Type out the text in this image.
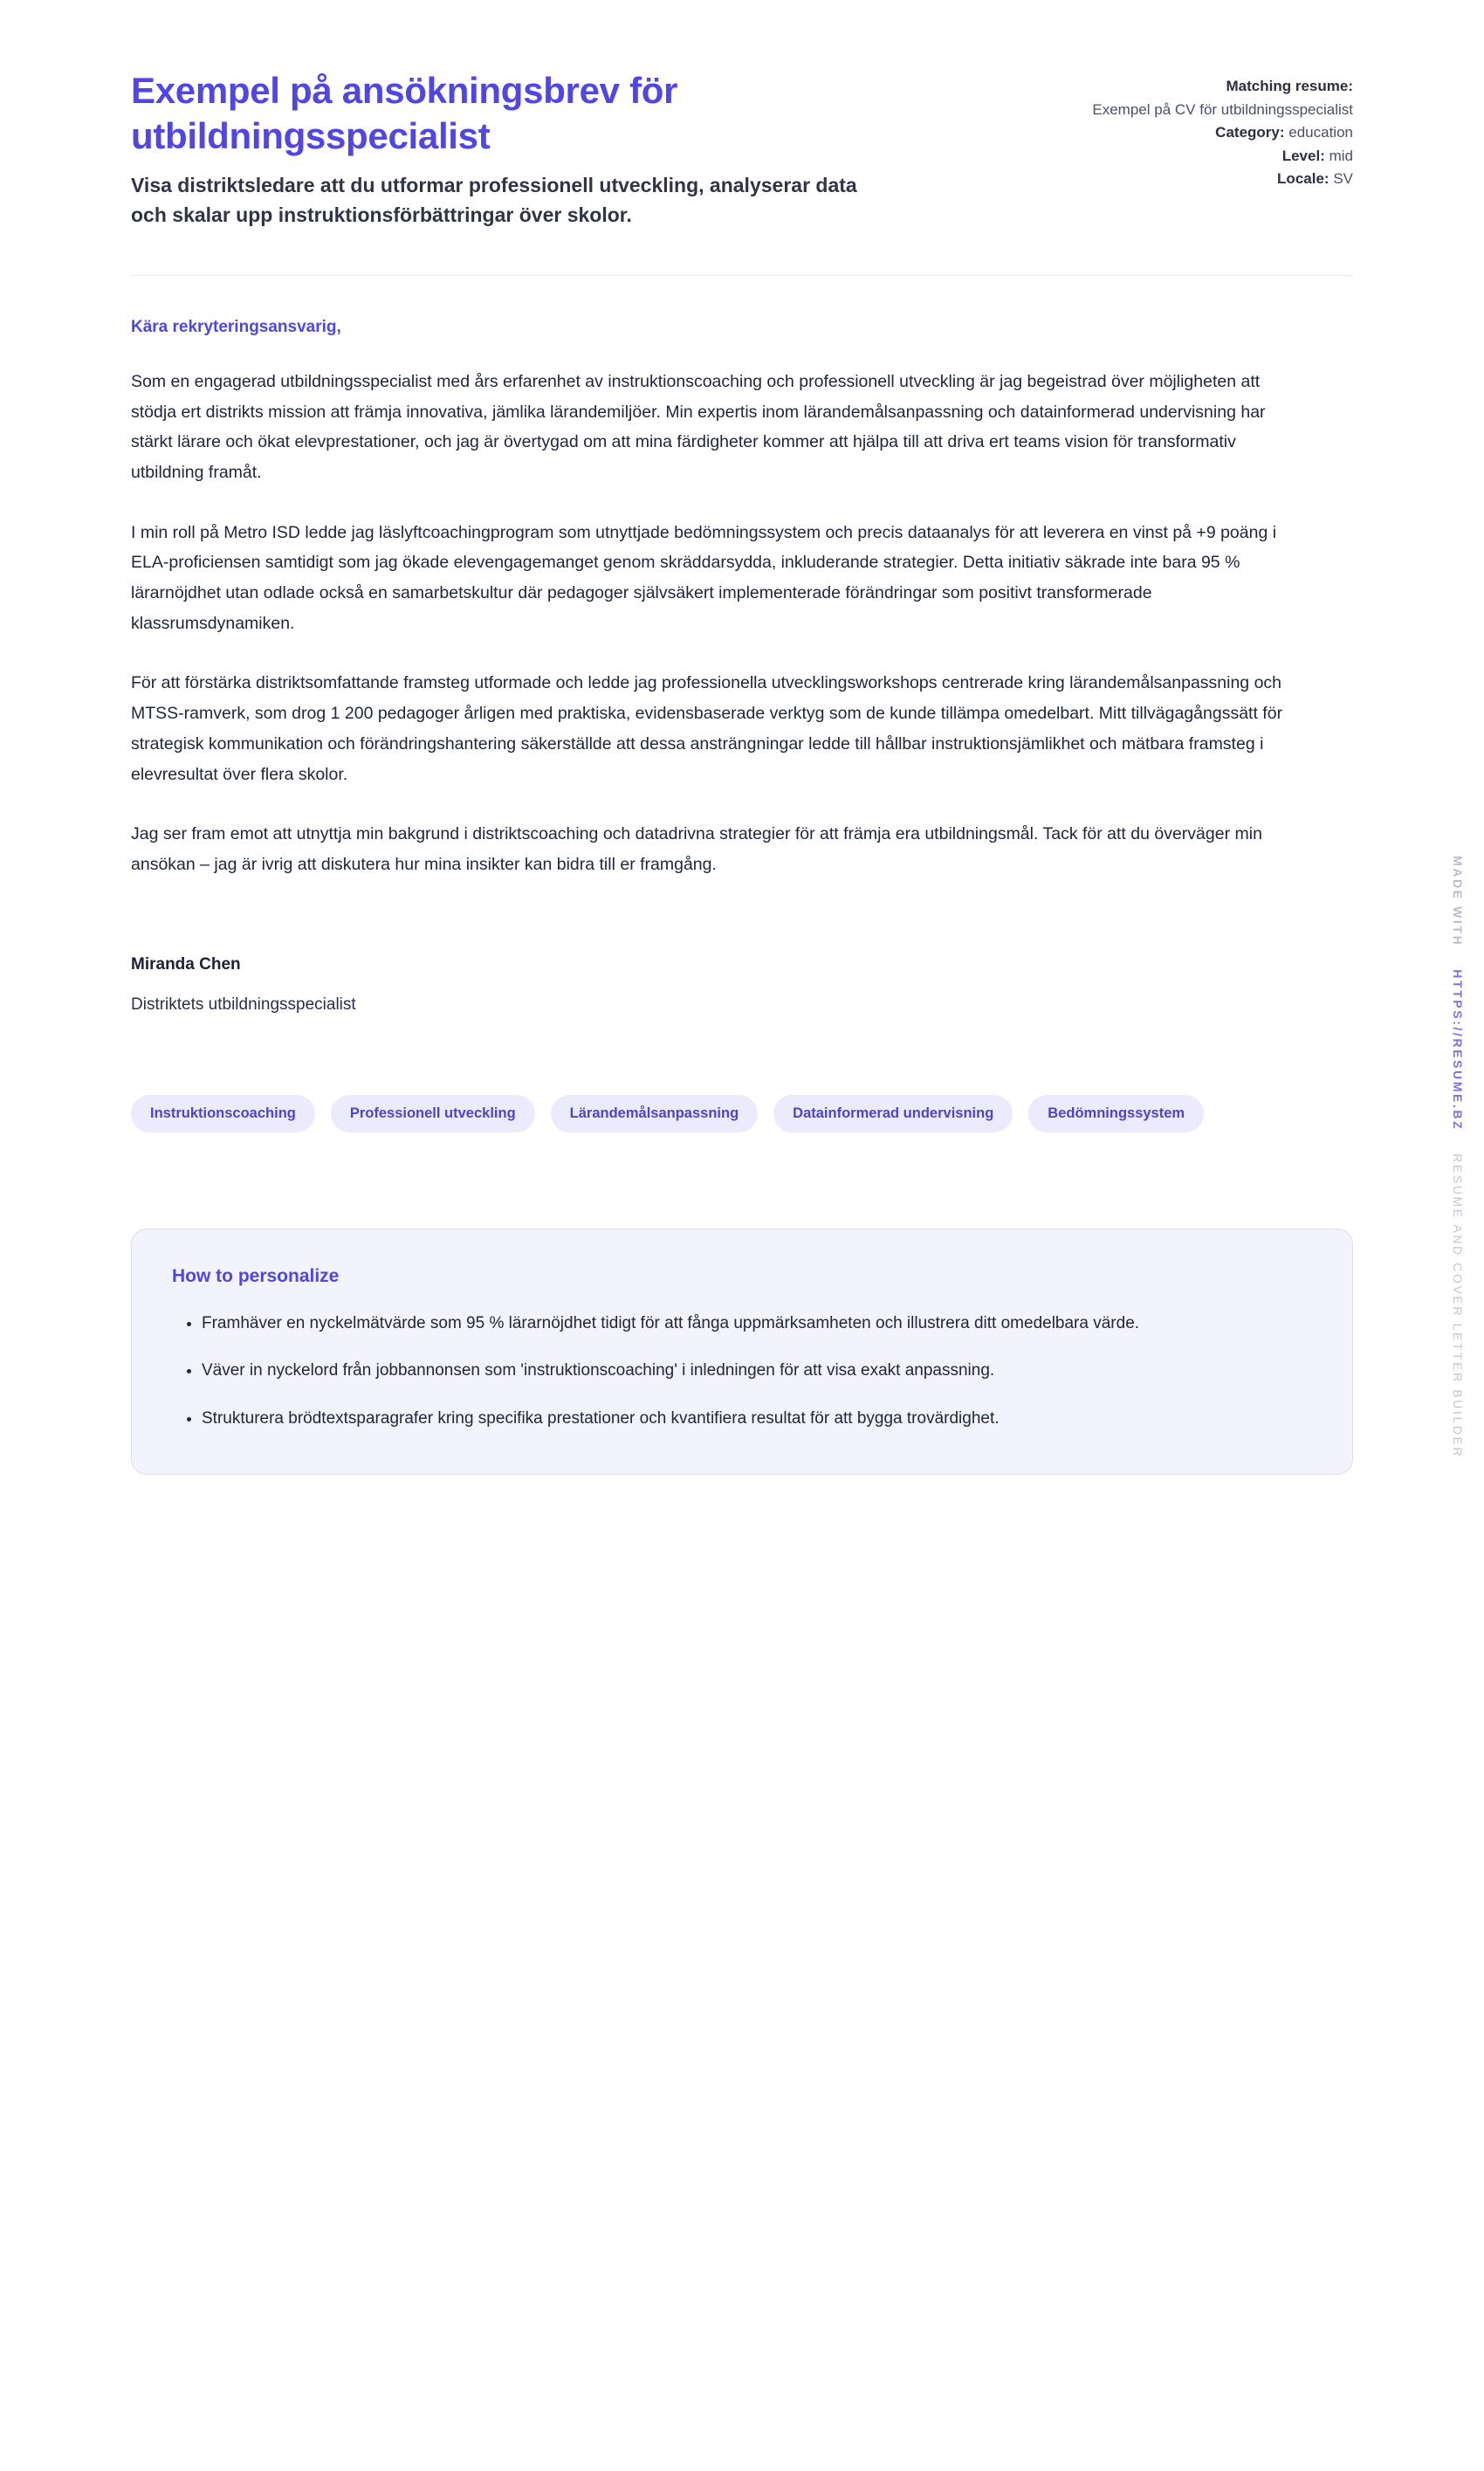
Exempel på ansökningsbrev för utbildningsspecialist

Visa distriktsledare att du utformar professionell utveckling, analyserar data och skalar upp instruktionsförbättringar över skolor.

Matching resume:
Exempel på CV för utbildningsspecialist
Category: education
Level: mid
Locale: SV

Kära rekryteringsansvarig,

Som en engagerad utbildningsspecialist med års erfarenhet av instruktionscoaching och professionell utveckling är jag begeistrad över möjligheten att stödja ert distrikts mission att främja innovativa, jämlika lärandemiljöer. Min expertis inom lärandemålsanpassning och datainformerad undervisning har stärkt lärare och ökat elevprestationer, och jag är övertygad om att mina färdigheter kommer att hjälpa till att driva ert teams vision för transformativ utbildning framåt.

I min roll på Metro ISD ledde jag läslyftcoachingprogram som utnyttjade bedömningssystem och precis dataanalys för att leverera en vinst på +9 poäng i ELA-proficiensen samtidigt som jag ökade elevengagemanget genom skräddarsydda, inkluderande strategier. Detta initiativ säkrade inte bara 95 % lärarnöjdhet utan odlade också en samarbetskultur där pedagoger självsäkert implementerade förändringar som positivt transformerade klassrumsdynamiken.

För att förstärka distriktsomfattande framsteg utformade och ledde jag professionella utvecklingsworkshops centrerade kring lärandemålsanpassning och MTSS-ramverk, som drog 1 200 pedagoger årligen med praktiska, evidensbaserade verktyg som de kunde tillämpa omedelbart. Mitt tillvägagångssätt för strategisk kommunikation och förändringshantering säkerställde att dessa ansträngningar ledde till hållbar instruktionsjämlikhet och mätbara framsteg i elevresultat över flera skolor.

Jag ser fram emot att utnyttja min bakgrund i distriktscoaching och datadrivna strategier för att främja era utbildningsmål. Tack för att du överväger min ansökan – jag är ivrig att diskutera hur mina insikter kan bidra till er framgång.

Miranda Chen

Distriktets utbildningsspecialist

Instruktionscoaching	Professionell utveckling	Lärandemålsanpassning	Datainformerad undervisning	Bedömningssystem

How to personalize

• Framhäver en nyckelmätvärde som 95 % lärarnöjdhet tidigt för att fånga uppmärksamheten och illustrera ditt omedelbara värde.
• Väver in nyckelord från jobbannonsen som 'instruktionscoaching' i inledningen för att visa exakt anpassning.
• Strukturera brödtextsparagrafer kring specifika prestationer och kvantifiera resultat för att bygga trovärdighet.
MADE WITH    HTTPS://RESUME.BZ    RESUME AND COVER LETTER BUILDER
